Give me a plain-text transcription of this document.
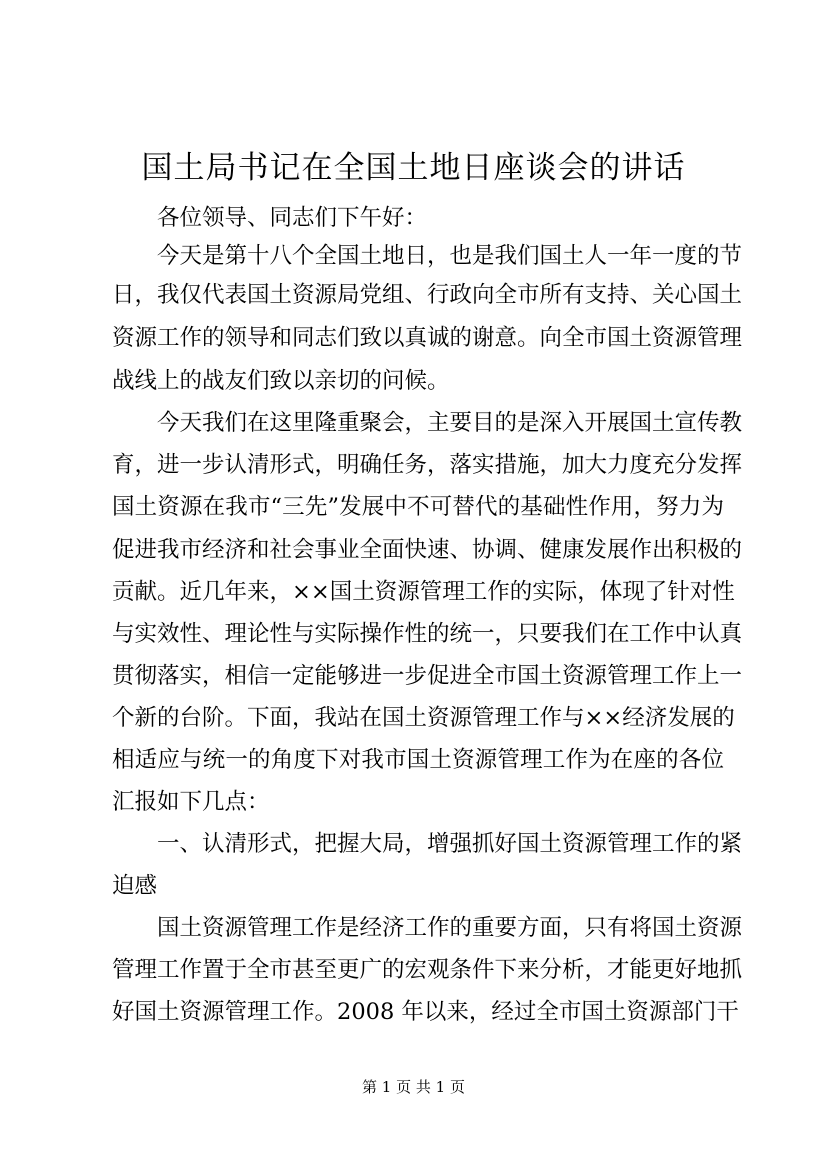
国土局书记在全国土地日座谈会的讲话
各位领导、同志们下午好：
今天是第十八个全国土地日，也是我们国土人一年一度的节
日，我仅代表国土资源局党组、行政向全市所有支持、关心国土
资源工作的领导和同志们致以真诚的谢意。向全市国土资源管理
战线上的战友们致以亲切的问候。
今天我们在这里隆重聚会，主要目的是深入开展国土宣传教
育，进一步认清形式，明确任务，落实措施，加大力度充分发挥
国土资源在我市“三先”发展中不可替代的基础性作用，努力为
促进我市经济和社会事业全面快速、协调、健康发展作出积极的
贡献。近几年来，××国土资源管理工作的实际，体现了针对性
与实效性、理论性与实际操作性的统一，只要我们在工作中认真
贯彻落实，相信一定能够进一步促进全市国土资源管理工作上一
个新的台阶。下面，我站在国土资源管理工作与××经济发展的
相适应与统一的角度下对我市国土资源管理工作为在座的各位
汇报如下几点：
一、认清形式，把握大局，增强抓好国土资源管理工作的紧
迫感
国土资源管理工作是经济工作的重要方面，只有将国土资源
管理工作置于全市甚至更广的宏观条件下来分析，才能更好地抓
好国土资源管理工作。2008 年以来，经过全市国土资源部门干
第 1 页 共 1 页
